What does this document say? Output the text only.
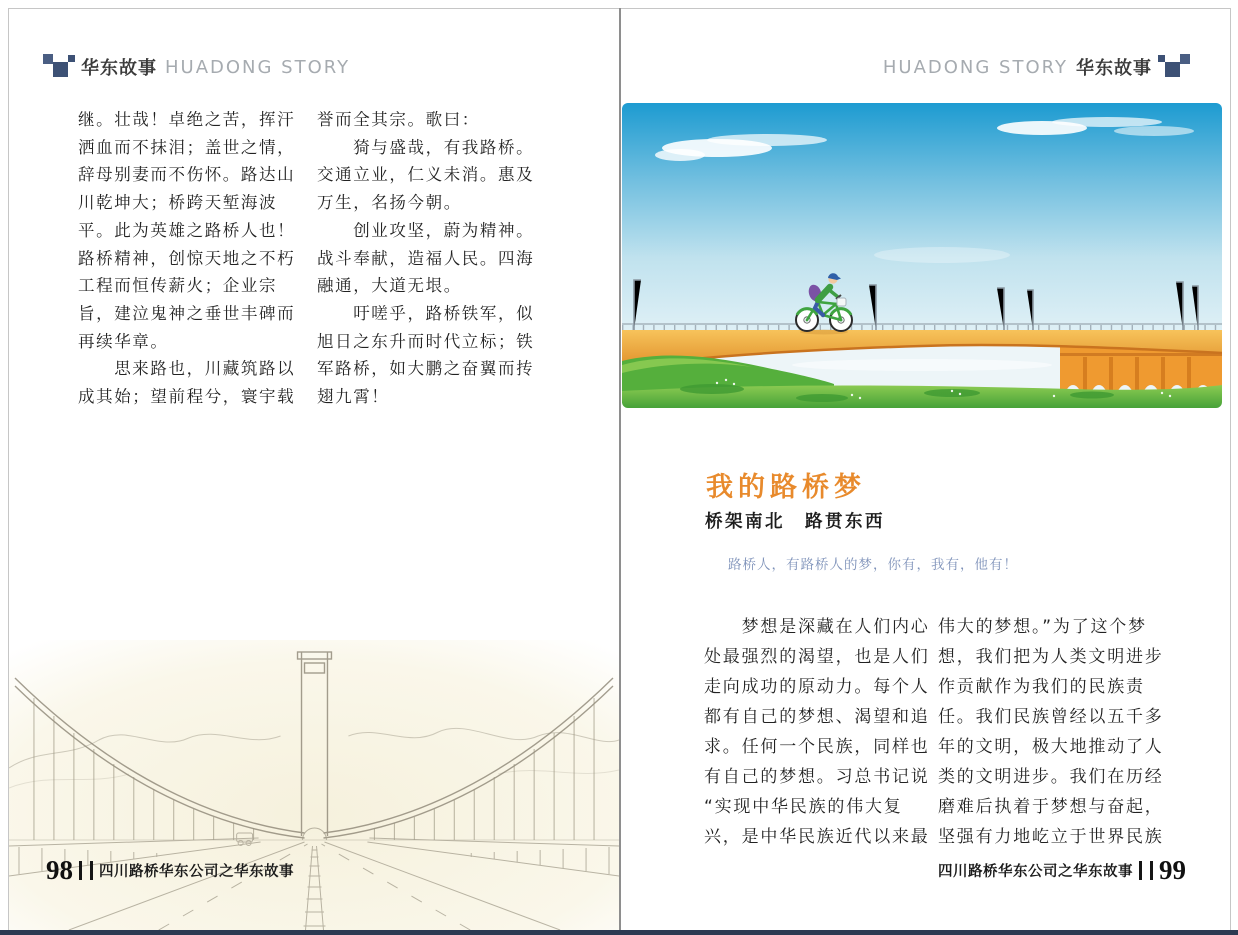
华东故事 HUADONG STORY
继。壮哉！卓绝之苦，挥汗
洒血而不抹泪；盖世之情，
辞母别妻而不伤怀。路达山
川乾坤大；桥跨天堑海波
平。此为英雄之路桥人也！
路桥精神，创惊天地之不朽
工程而恒传薪火；企业宗
旨，建泣鬼神之垂世丰碑而
再续华章。
　　思来路也，川藏筑路以
成其始；望前程兮，寰宇载
誉而全其宗。歌曰：
　　猗与盛哉，有我路桥。
交通立业，仁义未消。惠及
万生，名扬今朝。
　　创业攻坚，蔚为精神。
战斗奉献，造福人民。四海
融通，大道无垠。
　　吁嗟乎，路桥铁军，似
旭日之东升而时代立标；铁
军路桥，如大鹏之奋翼而抟
翅九霄！
98 四川路桥华东公司之华东故事
HUADONG STORY 华东故事
我的路桥梦
桥架南北　路贯东西
路桥人，有路桥人的梦，你有，我有，他有！
　　梦想是深藏在人们内心
处最强烈的渴望，也是人们
走向成功的原动力。每个人
都有自己的梦想、渴望和追
求。任何一个民族，同样也
有自己的梦想。习总书记说
“实现中华民族的伟大复
兴，是中华民族近代以来最
伟大的梦想。”为了这个梦
想，我们把为人类文明进步
作贡献作为我们的民族责
任。我们民族曾经以五千多
年的文明，极大地推动了人
类的文明进步。我们在历经
磨难后执着于梦想与奋起，
坚强有力地屹立于世界民族
四川路桥华东公司之华东故事 99
